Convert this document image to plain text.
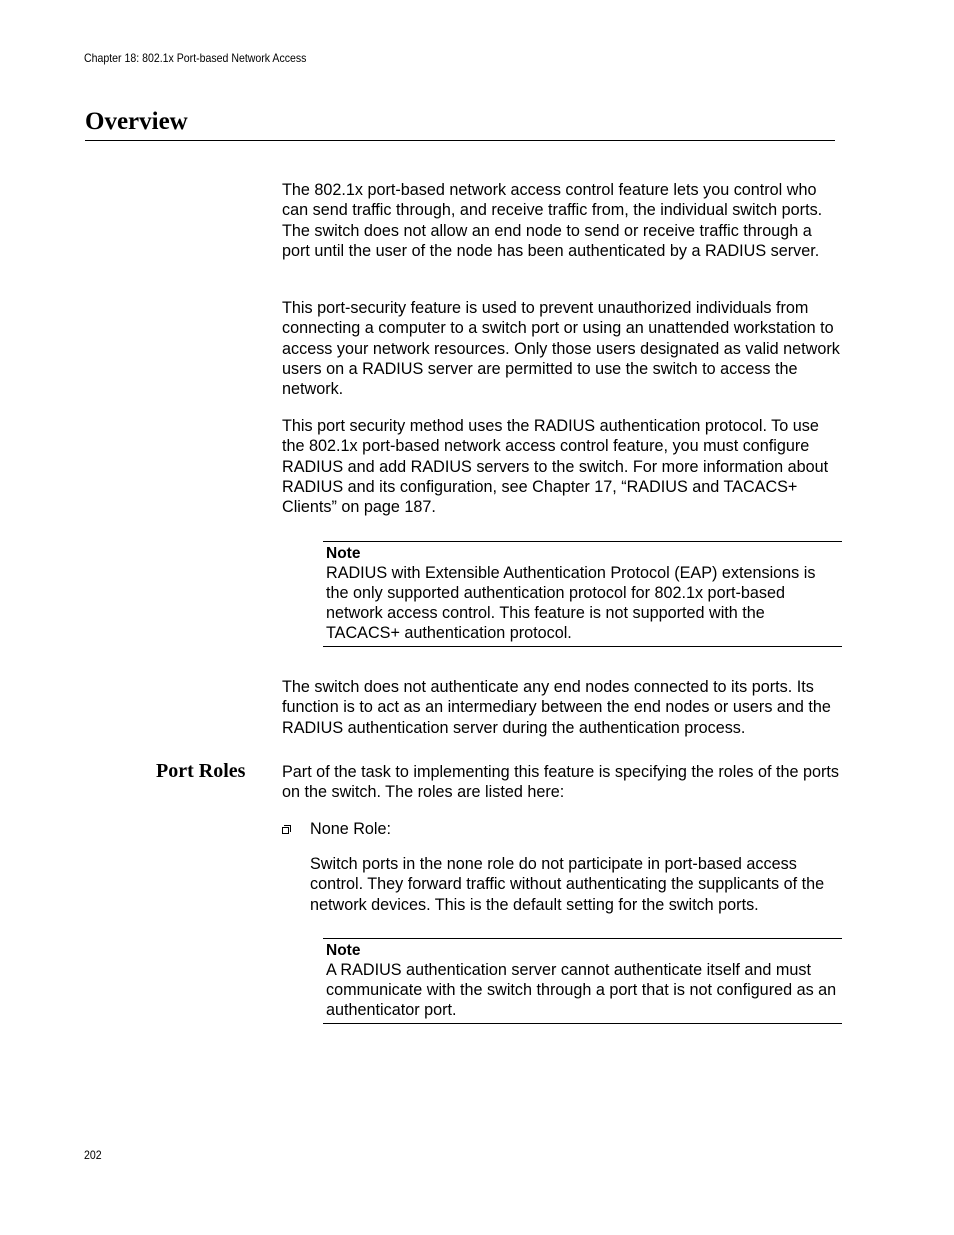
Chapter 18: 802.1x Port-based Network Access
Overview

The 802.1x port-based network access control feature lets you control who can send traffic through, and receive traffic from, the individual switch ports. The switch does not allow an end node to send or receive traffic through a port until the user of the node has been authenticated by a RADIUS server.

This port-security feature is used to prevent unauthorized individuals from connecting a computer to a switch port or using an unattended workstation to access your network resources. Only those users designated as valid network users on a RADIUS server are permitted to use the switch to access the network.

This port security method uses the RADIUS authentication protocol. To use the 802.1x port-based network access control feature, you must configure RADIUS and add RADIUS servers to the switch. For more information about RADIUS and its configuration, see Chapter 17, “RADIUS and TACACS+ Clients” on page 187.

Note
RADIUS with Extensible Authentication Protocol (EAP) extensions is the only supported authentication protocol for 802.1x port-based network access control. This feature is not supported with the TACACS+ authentication protocol.

The switch does not authenticate any end nodes connected to its ports. Its function is to act as an intermediary between the end nodes or users and the RADIUS authentication server during the authentication process.

Port Roles Part of the task to implementing this feature is specifying the roles of the ports on the switch. The roles are listed here:

None Role:

Switch ports in the none role do not participate in port-based access control. They forward traffic without authenticating the supplicants of the network devices. This is the default setting for the switch ports.

Note
A RADIUS authentication server cannot authenticate itself and must communicate with the switch through a port that is not configured as an authenticator port.
202
